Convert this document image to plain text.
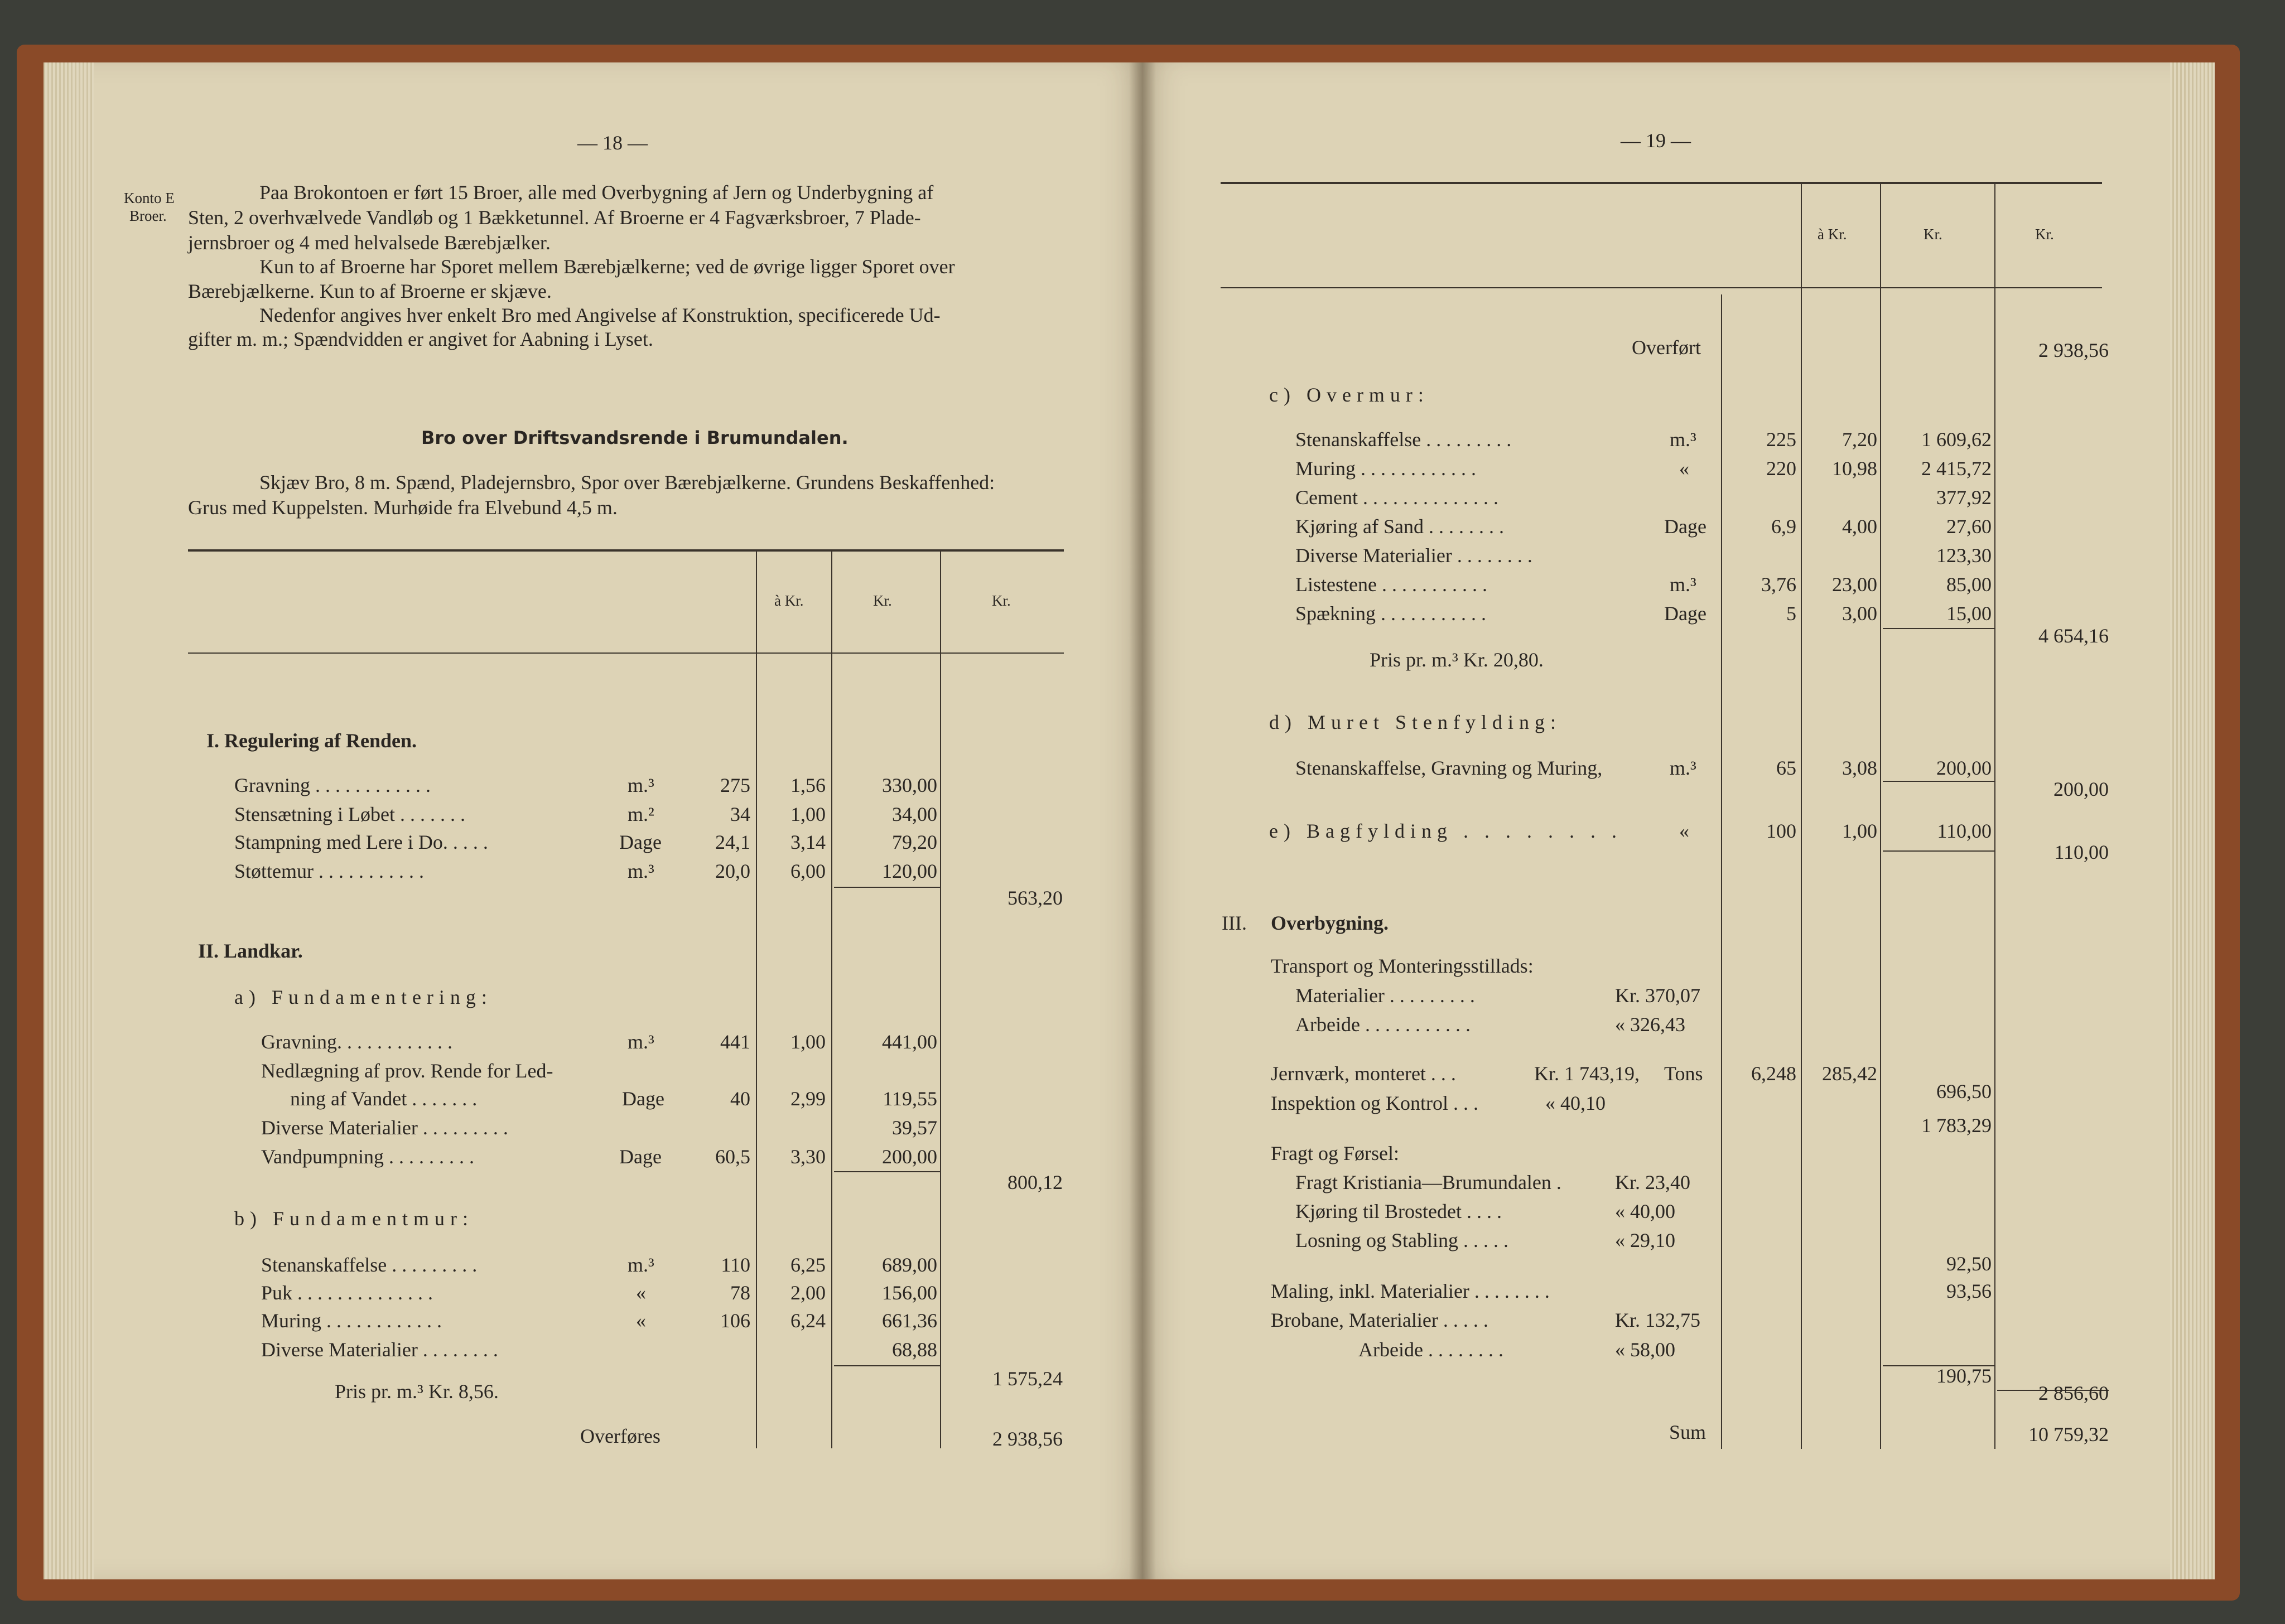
— 18 —
Konto E
Broer.
Paa Brokontoen er ført 15 Broer, alle med Overbygning af Jern og Underbygning af
Sten, 2 overhvælvede Vandløb og 1 Bækketunnel. Af Broerne er 4 Fagværksbroer, 7 Plade-
jernsbroer og 4 med helvalsede Bærebjælker.
Kun to af Broerne har Sporet mellem Bærebjælkerne; ved de øvrige ligger Sporet over
Bærebjælkerne. Kun to af Broerne er skjæve.
Nedenfor angives hver enkelt Bro med Angivelse af Konstruktion, specificerede Ud-
gifter m. m.; Spændvidden er angivet for Aabning i Lyset.
Bro over Driftsvandsrende i Brumundalen.
Skjæv Bro, 8 m. Spænd, Pladejernsbro, Spor over Bærebjælkerne. Grundens Beskaffenhed:
Grus med Kuppelsten. Murhøide fra Elvebund 4,5 m.
à Kr.	Kr.	Kr.
I. Regulering af Renden.
Gravning . . . . . . . . . . . .	m.³	275	1,56	330,00
Stensætning i Løbet . . . . . . .	m.²	34	1,00	34,00
Stampning med Lere i Do. . . . .	Dage	24,1	3,14	79,20
Støttemur . . . . . . . . . . .	m.³	20,0	6,00	120,00
563,20
II. Landkar.
a) Fundamentering:
Gravning. . . . . . . . . . . .	m.³	441	1,00	441,00
Nedlægning af prov. Rende for Led-
ning af Vandet . . . . . . .	Dage	40	2,99	119,55
Diverse Materialier . . . . . . . . .	39,57
Vandpumpning . . . . . . . . .	Dage	60,5	3,30	200,00
800,12
b) Fundamentmur:
Stenanskaffelse . . . . . . . . .	m.³	110	6,25	689,00
Puk . . . . . . . . . . . . . .	«	78	2,00	156,00
Muring . . . . . . . . . . . .	«	106	6,24	661,36
Diverse Materialier . . . . . . . .	68,88
1 575,24
Pris pr. m.³ Kr. 8,56.
Overføres	2 938,56
— 19 —
à Kr.	Kr.	Kr.
Overført	2 938,56
c) Overmur:
Stenanskaffelse . . . . . . . . .	m.³	225	7,20	1 609,62
Muring . . . . . . . . . . . .	«	220	10,98	2 415,72
Cement . . . . . . . . . . . . . .	377,92
Kjøring af Sand . . . . . . . .	Dage	6,9	4,00	27,60
Diverse Materialier . . . . . . . .	123,30
Listestene . . . . . . . . . . .	m.³	3,76	23,00	85,00
Spækning . . . . . . . . . . .	Dage	5	3,00	15,00
4 654,16
Pris pr. m.³ Kr. 20,80.
d) Muret Stenfylding:
Stenanskaffelse, Gravning og Muring,	m.³	65	3,08	200,00
200,00
e) Bagfylding . . . . . . . .	«	100	1,00	110,00
110,00
III. Overbygning.
Transport og Monteringsstillads:
Materialier . . . . . . . . .	Kr. 370,07
Arbeide . . . . . . . . . . .	« 326,43
696,50
Jernværk, monteret . . .	Kr. 1 743,19, Tons	6,248	285,42
Inspektion og Kontrol . . .	« 40,10
1 783,29
Fragt og Førsel:
Fragt Kristiania—Brumundalen .	Kr. 23,40
Kjøring til Brostedet . . . .	« 40,00
Losning og Stabling . . . . .	« 29,10
92,50
Maling, inkl. Materialier . . . . . . . .	93,56
Brobane, Materialier . . . . .	Kr. 132,75
Arbeide . . . . . . . .	« 58,00
190,75
2 856,60
Sum	10 759,32
